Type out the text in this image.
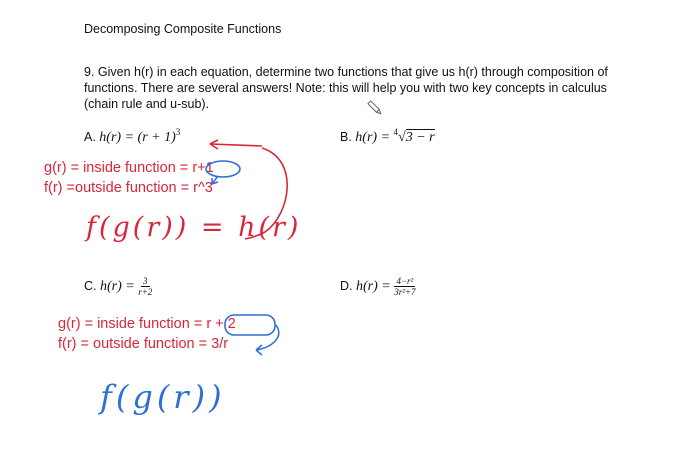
Decomposing Composite Functions
9. Given h(r) in each equation, determine two functions that give us h(r) through composition of functions. There are several answers! Note: this will help you with two key concepts in calculus (chain rule and u-sub).
A. $h(r) = (r + 1)^3$	B. h(r) = $^4$√3 − r
C. $h(r) = \frac{3}{r+2}$	D. $h(r) = \frac{\text{4−r²}}{\text{3r²+7}}$
g(r) = inside function = r+1
f(r) =outside function = r^3
f(g(r)) = h(r)
g(r) = inside function = r + 2
f(r) = outside function = 3/r
f(g(r))
